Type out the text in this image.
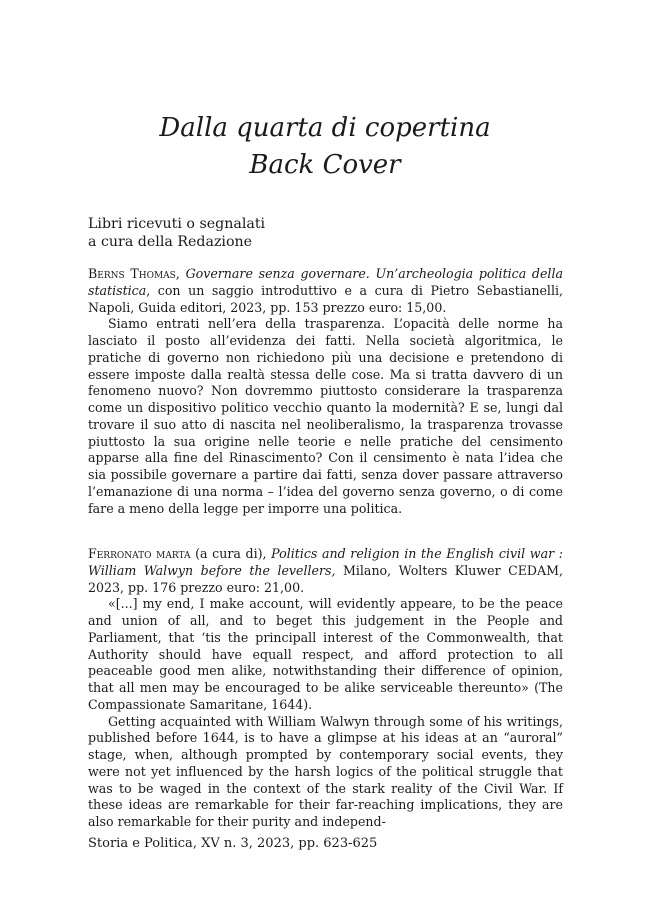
Dalla quarta di copertina
Back Cover
Libri ricevuti o segnalati
a cura della Redazione

Berns Thomas, Governare senza governare. Un’archeologia politica della statistica, con un saggio introduttivo e a cura di Pietro Sebastianelli, Napoli, Guida editori, 2023, pp. 153 prezzo euro: 15,00.

Siamo entrati nell’era della trasparenza. L’opacità delle norme ha lasciato il posto all’evidenza dei fatti. Nella società algoritmica, le pratiche di governo non richiedono più una decisione e pretendono di essere imposte dalla realtà stessa delle cose. Ma si tratta davvero di un fenomeno nuovo? Non dovremmo piuttosto considerare la trasparenza come un dispositivo politico vecchio quanto la modernità? E se, lungi dal trovare il suo atto di nascita nel neoliberalismo, la trasparenza trovasse piuttosto la sua origine nelle teorie e nelle pratiche del censimento apparse alla fine del Rinascimento? Con il censimento è nata l’idea che sia possibile governare a partire dai fatti, senza dover passare attraverso l’emanazione di una norma – l’idea del governo senza governo, o di come fare a meno della legge per imporre una politica.

Ferronato marta (a cura di), Politics and religion in the English civil war : William Walwyn before the levellers, Milano, Wolters Kluwer CEDAM, 2023, pp. 176 prezzo euro: 21,00.

«[...] my end, I make account, will evidently appeare, to be the peace and union of all, and to beget this judgement in the People and Parliament, that ‘tis the principall interest of the Commonwealth, that Authority should have equall respect, and afford protection to all peaceable good men alike, notwithstanding their difference of opinion, that all men may be encouraged to be alike serviceable thereunto» (The Compassionate Samaritane, 1644).

Getting acquainted with William Walwyn through some of his writings, published before 1644, is to have a glimpse at his ideas at an “auroral” stage, when, although prompted by contemporary social events, they were not yet influenced by the harsh logics of the political struggle that was to be waged in the context of the stark reality of the Civil War. If these ideas are remarkable for their far-reaching implications, they are also remarkable for their purity and independ-

Storia e Politica, XV n. 3, 2023, pp. 623-625
